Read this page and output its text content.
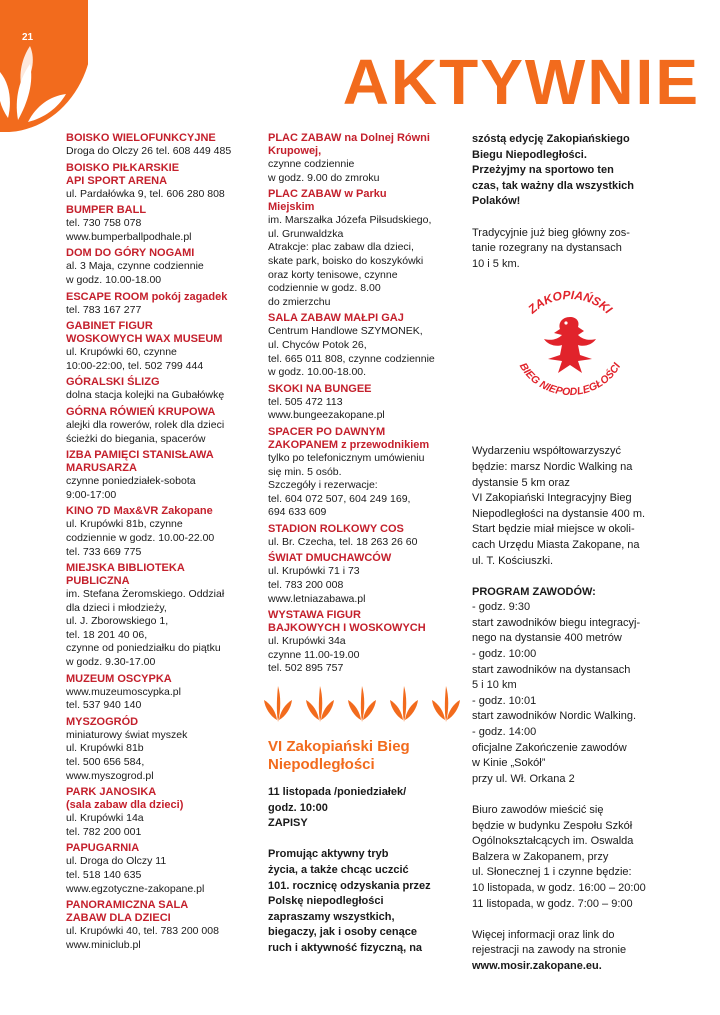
21
AKTYWNIE
BOISKO WIELOFUNKCYJNE
Droga do Olczy 26 tel. 608 449 485
BOISKO PIŁKARSKIE
API SPORT ARENA
ul. Pardałówka 9, tel. 606 280 808
BUMPER BALL
tel. 730 758 078
www.bumperballpodhale.pl
DOM DO GÓRY NOGAMI
al. 3 Maja, czynne codziennie
w godz. 10.00-18.00
ESCAPE ROOM pokój zagadek
tel. 783 167 277
GABINET FIGUR
WOSKOWYCH WAX MUSEUM
ul. Krupówki 60, czynne
10:00-22:00, tel. 502 799 444
GÓRALSKI ŚLIZG
dolna stacja kolejki na Gubałówkę
GÓRNA RÓWIEŃ KRUPOWA
alejki dla rowerów, rolek dla dzieci
ścieżki do biegania, spacerów
IZBA PAMIĘCI STANISŁAWA
MARUSARZA
czynne poniedziałek-sobota
9:00-17:00
KINO 7D Max&VR Zakopane
ul. Krupówki 81b, czynne
codziennie w godz. 10.00-22.00
tel. 733 669 775
MIEJSKA BIBLIOTEKA
PUBLICZNA
im. Stefana Żeromskiego. Oddział
dla dzieci i młodzieży,
ul. J. Zborowskiego 1,
tel. 18 201 40 06,
czynne od poniedziałku do piątku
w godz. 9.30-17.00
MUZEUM OSCYPKA
www.muzeumoscypka.pl
tel. 537 940 140
MYSZOGRÓD
miniaturowy świat myszek
ul. Krupówki 81b
tel. 500 656 584,
www.myszogrod.pl
PARK JANOSIKA
(sala zabaw dla dzieci)
ul. Krupówki 14a
tel. 782 200 001
PAPUGARNIA
ul. Droga do Olczy 11
tel. 518 140 635
www.egzotyczne-zakopane.pl
PANORAMICZNA SALA
ZABAW DLA DZIECI
ul. Krupówki 40, tel. 783 200 008
www.miniclub.pl
PLAC ZABAW na Dolnej Równi
Krupowej,
czynne codziennie
w godz. 9.00 do zmroku
PLAC ZABAW w Parku
Miejskim
im. Marszałka Józefa Piłsudskiego,
ul. Grunwaldzka
Atrakcje: plac zabaw dla dzieci,
skate park, boisko do koszykówki
oraz korty tenisowe, czynne
codziennie w godz. 8.00
do zmierzchu
SALA ZABAW MAŁPI GAJ
Centrum Handlowe SZYMONEK,
ul. Chyców Potok 26,
tel. 665 011 808, czynne codziennie
w godz. 10.00-18.00.
SKOKI NA BUNGEE
tel. 505 472 113
www.bungeezakopane.pl
SPACER PO DAWNYM
ZAKOPANEM z przewodnikiem
tylko po telefonicznym umówieniu
się min. 5 osób.
Szczegóły i rezerwacje:
tel. 604 072 507, 604 249 169,
694 633 609
STADION ROLKOWY COS
ul. Br. Czecha, tel. 18 263 26 60
ŚWIAT DMUCHAWCÓW
ul. Krupówki 71 i 73
tel. 783 200 008
www.letniazabawa.pl
WYSTAWA FIGUR
BAJKOWYCH I WOSKOWYCH
ul. Krupówki 34a
czynne 11.00-19.00
tel. 502 895 757
VI Zakopiański Bieg Niepodległości
11 listopada /poniedziałek/
godz. 10:00
ZAPISY
Promując aktywny tryb
życia, a także chcąc uczcić
101. rocznicę odzyskania przez
Polskę niepodległości
zapraszamy wszystkich,
biegaczy, jak i osoby cenące
ruch i aktywność fizyczną, na
szóstą edycję Zakopiańskiego
Biegu Niepodległości.
Przeżyjmy na sportowo ten
czas, tak ważny dla wszystkich
Polaków!
Tradycyjnie już bieg główny zos-
tanie rozegrany na dystansach
10 i 5 km.
Wydarzeniu współtowarzyszyć
będzie: marsz Nordic Walking na
dystansie 5 km oraz
VI Zakopiański Integracyjny Bieg
Niepodległości na dystansie 400 m.
Start będzie miał miejsce w okoli-
cach Urzędu Miasta Zakopane, na
ul. T. Kościuszki.
PROGRAM ZAWODÓW:
- godz. 9:30
start zawodników biegu integracyj-
nego na dystansie 400 metrów
- godz. 10:00
start zawodników na dystansach
5 i 10 km
- godz. 10:01
start zawodników Nordic Walking.
- godz. 14:00
oficjalne Zakończenie zawodów
w Kinie „Sokół”
przy ul. Wł. Orkana 2
Biuro zawodów mieścić się
będzie w budynku Zespołu Szkół
Ogólnokształcących im. Oswalda
Balzera w Zakopanem, przy
ul. Słonecznej 1 i czynne będzie:
10 listopada, w godz. 16:00 – 20:00
11 listopada, w godz. 7:00 – 9:00
Więcej informacji oraz link do
rejestracji na zawody na stronie
www.mosir.zakopane.eu.
ZAKOPIAŃSKI
BIEG NIEPODLEGŁOŚCI
